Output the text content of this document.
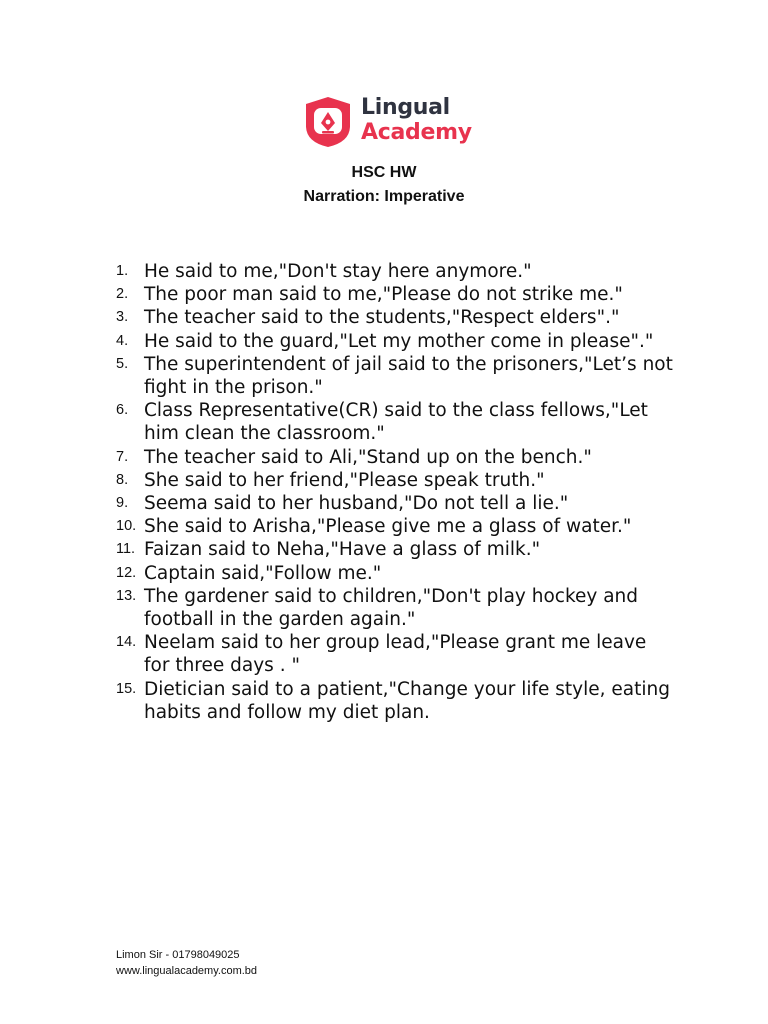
Lingual
Academy
HSC HW
Narration: Imperative
1. He said to me,"Don't stay here anymore."
2. The poor man said to me,"Please do not strike me."
3. The teacher said to the students,"Respect elders"."
4. He said to the guard,"Let my mother come in please"."
5. The superintendent of jail said to the prisoners,"Let’s not fight in the prison."
6. Class Representative(CR) said to the class fellows,"Let him clean the classroom."
7. The teacher said to Ali,"Stand up on the bench."
8. She said to her friend,"Please speak truth."
9. Seema said to her husband,"Do not tell a lie."
10. She said to Arisha,"Please give me a glass of water."
11. Faizan said to Neha,"Have a glass of milk."
12. Captain said,"Follow me."
13. The gardener said to children,"Don't play hockey and football in the garden again."
14. Neelam said to her group lead,"Please grant me leave for three days . "
15. Dietician said to a patient,"Change your life style, eating habits and follow my diet plan.
Limon Sir - 01798049025
www.lingualacademy.com.bd
